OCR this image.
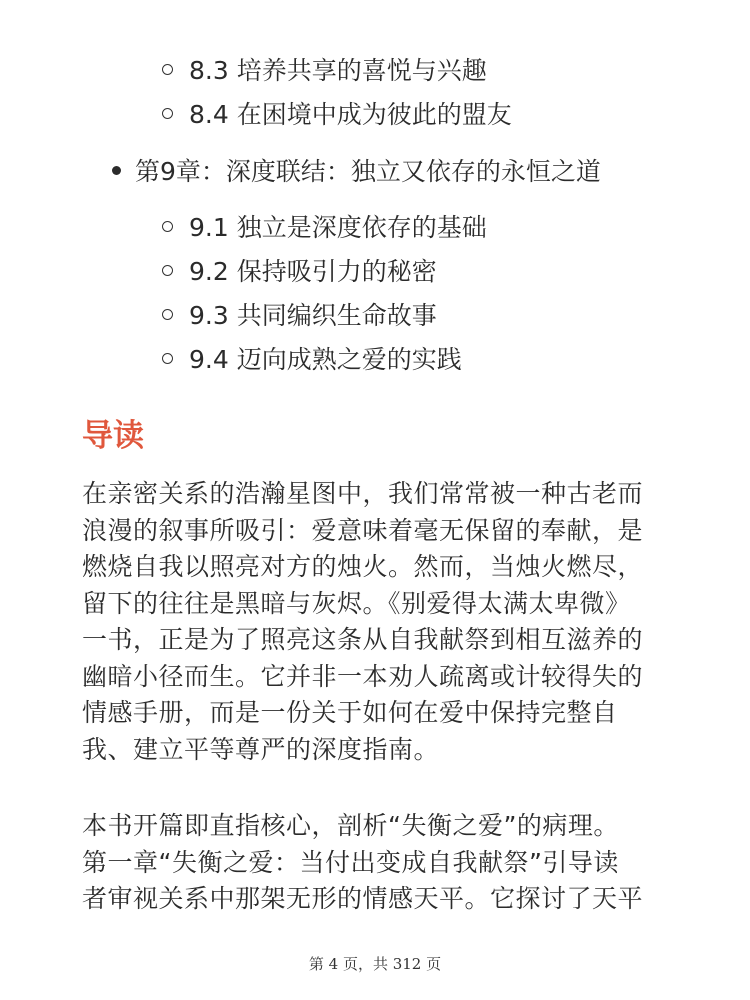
8.3 培养共享的喜悦与兴趣
8.4 在困境中成为彼此的盟友
第9章：深度联结：独立又依存的永恒之道
9.1 独立是深度依存的基础
9.2 保持吸引力的秘密
9.3 共同编织生命故事
9.4 迈向成熟之爱的实践
导读
在亲密关系的浩瀚星图中，我们常常被一种古老而
浪漫的叙事所吸引：爱意味着毫无保留的奉献，是
燃烧自我以照亮对方的烛火。然而，当烛火燃尽，
留下的往往是黑暗与灰烬。《别爱得太满太卑微》
一书，正是为了照亮这条从自我献祭到相互滋养的
幽暗小径而生。它并非一本劝人疏离或计较得失的
情感手册，而是一份关于如何在爱中保持完整自
我、建立平等尊严的深度指南。
本书开篇即直指核心，剖析“失衡之爱”的病理。
第一章“失衡之爱：当付出变成自我献祭”引导读
者审视关系中那架无形的情感天平。它探讨了天平
第 4 页，共 312 页
